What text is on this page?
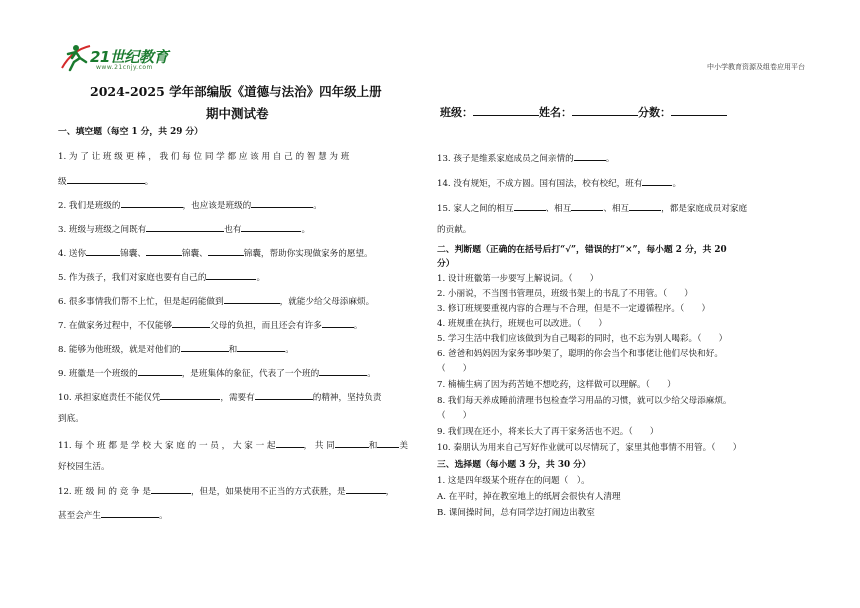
21世纪教育
www.21cnjy.com	中小学教育资源及组卷应用平台
2024-2025 学年部编版《道德与法治》四年级上册
期中测试卷	班级：	姓名：	分数：
一、填空题（每空 1 分，共 29 分）
1. 为 了 让 班 级 更 棒 ， 我 们 每 位 同 学 都 应 该 用 自 己 的 智 慧 为 班
级	。
2. 我们是班级的	，也应该是班级的	。
3. 班级与班级之间既有	也有	。
4. 送你	锦囊、	锦囊、	锦囊，帮助你实现做家务的愿望。
5. 作为孩子，我们对家庭也要有自己的	。
6. 很多事情我们帮不上忙，但是起码能做到	，就能少给父母添麻烦。
7. 在做家务过程中，不仅能够	父母的负担，而且还会有许多	。
8. 能够为他班级，就是对他们的	和	。
9. 班徽是一个班级的	，是班集体的象征，代表了一个班的	。
10. 承担家庭责任不能仅凭	，需要有	的精神，坚持负责
到底。
11. 每 个 班 都 是 学 校 大 家 庭 的 一 员 ， 大 家 一 起	， 共 同	和	美
好校园生活。
12. 班 级 间 的 竞 争 是	，但是，如果使用不正当的方式获胜，是	，
甚至会产生	。
13. 孩子是维系家庭成员之间亲情的	。
14. 没有规矩，不成方圆。国有国法，校有校纪，班有	。
15. 家人之间的相互	、相互	、相互	，都是家庭成员对家庭
的贡献。
二、判断题（正确的在括号后打“√”，错误的打“×”，每小题 2 分，共 20
分）
1. 设计班徽第一步要写上解说词。（　　）
2. 小丽说，不当图书管理员，班级书架上的书乱了不用管。（　　）
3. 修订班规要重视内容的合理与不合理，但是不一定遵循程序。（　　）
4. 班规重在执行，班规也可以改进。（　　）
5. 学习生活中我们应该做到为自己喝彩的同时，也不忘为别人喝彩。（　　）
6. 爸爸和妈妈因为家务事吵架了，聪明的你会当个和事佬让他们尽快和好。
（　　）
7. 楠楠生病了因为药苦她不想吃药，这样做可以理解。（　　）
8. 我们每天养成睡前清理书包检查学习用品的习惯，就可以少给父母添麻烦。
（　　）
9. 我们现在还小，将来长大了再干家务活也不迟。（　　）
10. 秦朋认为用来自己写好作业就可以尽情玩了，家里其他事情不用管。（　　）
三、选择题（每小题 3 分，共 30 分）
1. 这是四年级某个班存在的问题（　）。
A. 在平时，掉在教室地上的纸屑会很快有人清理
B. 课间操时间，总有同学边打闹边出教室
